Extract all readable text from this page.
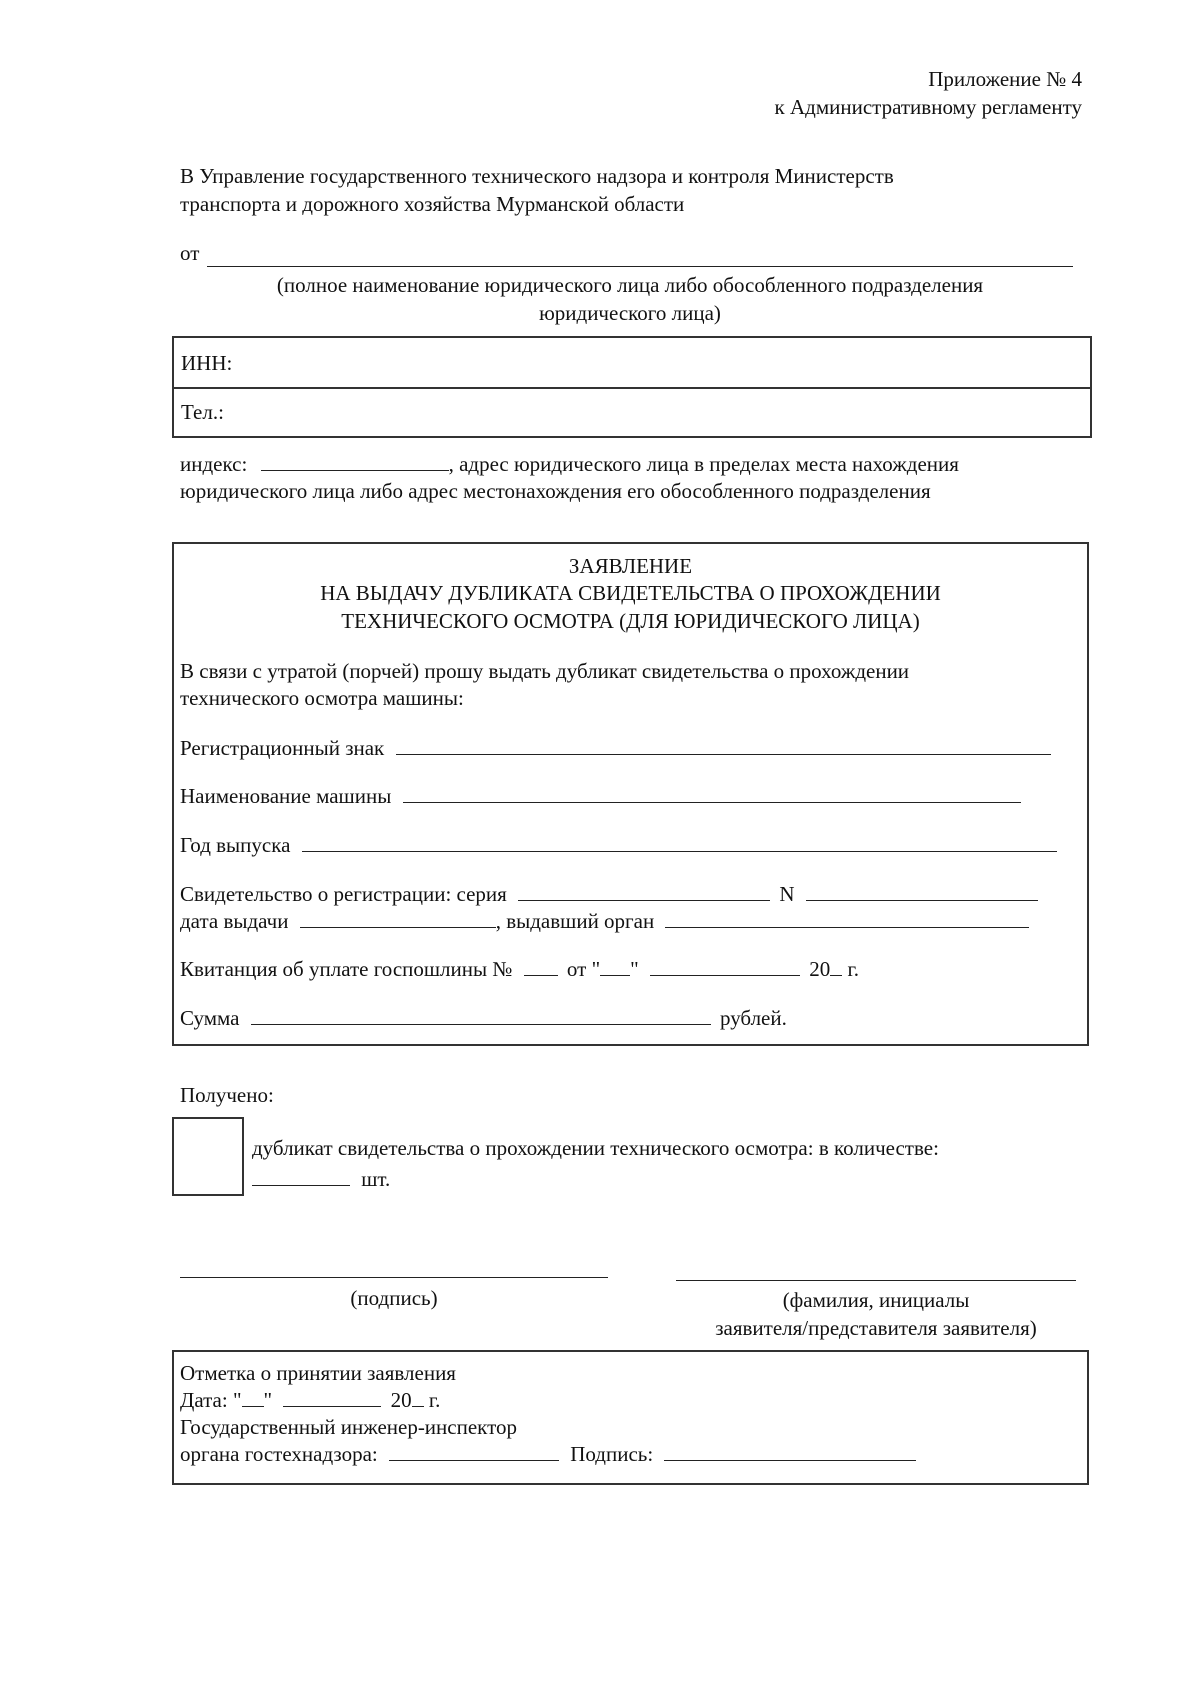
Приложение № 4
к Административному регламенту
В Управление государственного технического надзора и контроля Министерств
транспорта и дорожного хозяйства Мурманской области
от
(полное наименование юридического лица либо обособленного подразделения
юридического лица)
ИНН:
Тел.:
индекс:	, адрес юридического лица в пределах места нахождения
юридического лица либо адрес местонахождения его обособленного подразделения
ЗАЯВЛЕНИЕ
НА ВЫДАЧУ ДУБЛИКАТА СВИДЕТЕЛЬСТВА О ПРОХОЖДЕНИИ
ТЕХНИЧЕСКОГО ОСМОТРА (ДЛЯ ЮРИДИЧЕСКОГО ЛИЦА)
В связи с утратой (порчей) прошу выдать дубликат свидетельства о прохождении
технического осмотра машины:
Регистрационный знак
Наименование машины
Год выпуска
Свидетельство о регистрации: серия	N
дата выдачи	, выдавший орган
Квитанция об уплате госпошлины №	от " "	20 г.
Сумма	рублей.
Получено:
дубликат свидетельства о прохождении технического осмотра: в количестве:
шт.
(подпись)	(фамилия, инициалы
заявителя/представителя заявителя)
Отметка о принятии заявления
Дата: " "	20 г.
Государственный инженер-инспектор
органа гостехнадзора:	Подпись:
